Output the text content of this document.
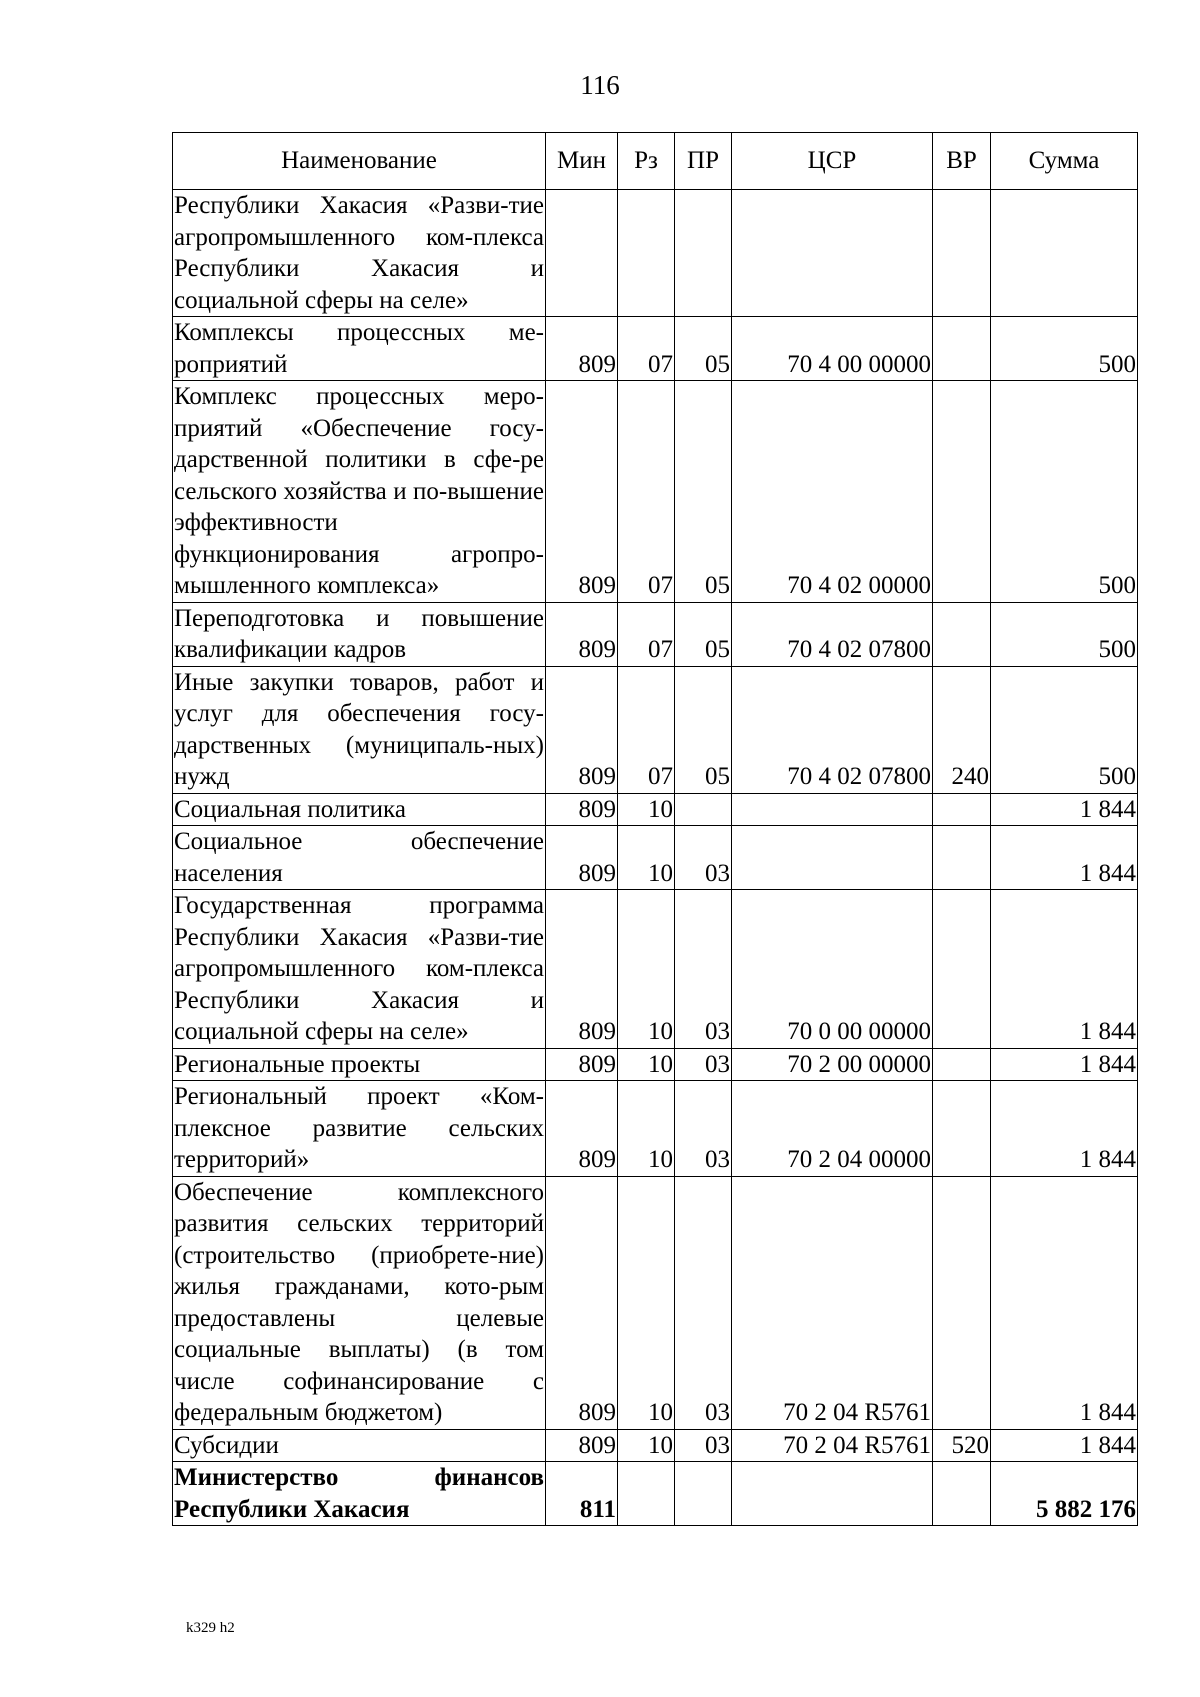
116
Наименование	Мин	Рз	ПР	ЦСР	ВР	Сумма
Республики Хакасия «Разви-тие агропромышленного ком-плекса Республики Хакасия и социальной сферы на селе»						
Комплексы процессных ме-роприятий	809	07	05	70 4 00 00000		500
Комплекс процессных меро-приятий «Обеспечение госу-дарственной политики в сфе-ре сельского хозяйства и по-вышение эффективности функционирования агропро-мышленного комплекса»	809	07	05	70 4 02 00000		500
Переподготовка и повышение квалификации кадров	809	07	05	70 4 02 07800		500
Иные закупки товаров, работ и услуг для обеспечения госу-дарственных (муниципаль-ных) нужд	809	07	05	70 4 02 07800	240	500
Социальная политика	809	10				1 844
Социальное обеспечение населения	809	10	03			1 844
Государственная программа Республики Хакасия «Разви-тие агропромышленного ком-плекса Республики Хакасия и социальной сферы на селе»	809	10	03	70 0 00 00000		1 844
Региональные проекты	809	10	03	70 2 00 00000		1 844
Региональный проект «Ком-плексное развитие сельских территорий»	809	10	03	70 2 04 00000		1 844
Обеспечение комплексного развития сельских территорий (строительство (приобрете-ние) жилья гражданами, кото-рым предоставлены целевые социальные выплаты) (в том числе софинансирование с федеральным бюджетом)	809	10	03	70 2 04 R5761		1 844
Субсидии	809	10	03	70 2 04 R5761	520	1 844
Министерство финансов Республики Хакасия	811					5 882 176
k329 h2
